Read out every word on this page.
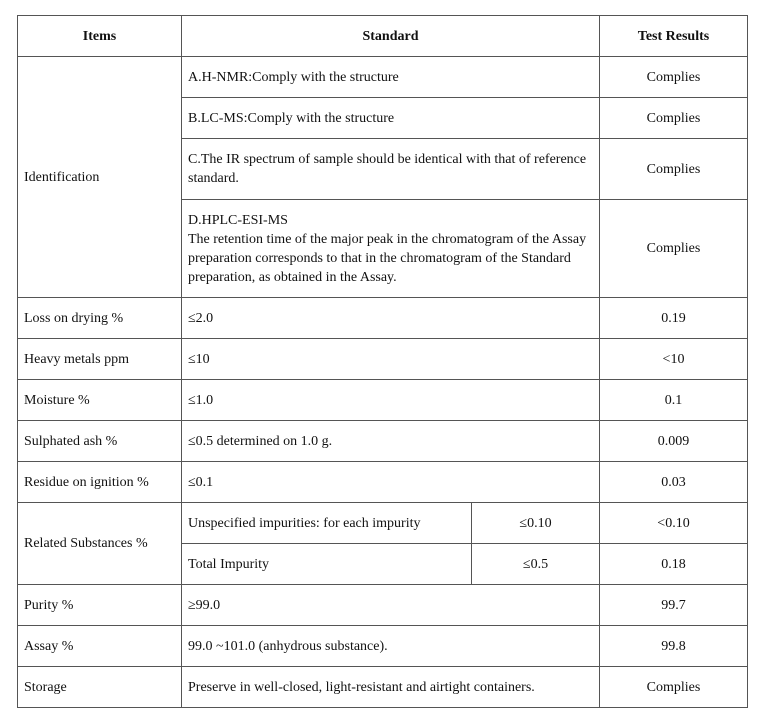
Items	Standard		Test Results
Identification	A.H-NMR:Comply with the structure		Complies
	B.LC-MS:Comply with the structure		Complies
	C.The IR spectrum of sample should be identical with that of reference standard.		Complies

	D.HPLC-ESI-MS
The retention time of the major peak in the chromatogram of the Assay preparation corresponds to that in the chromatogram of the Standard preparation, as obtained in the Assay.		Complies
Loss on drying %	≤2.0		0.19
Heavy metals ppm	≤10		<10
Moisture %	≤1.0		0.1
Sulphated ash %	≤0.5 determined on 1.0 g.		0.009
Residue on ignition %	≤0.1		0.03
Related Substances %	Unspecified impurities: for each impurity	≤0.10	<0.10
	Total Impurity	≤0.5	0.18
Purity %	≥99.0		99.7
Assay %	99.0 ~101.0 (anhydrous substance).		99.8
Storage	Preserve in well-closed, light-resistant and airtight containers.		Complies
